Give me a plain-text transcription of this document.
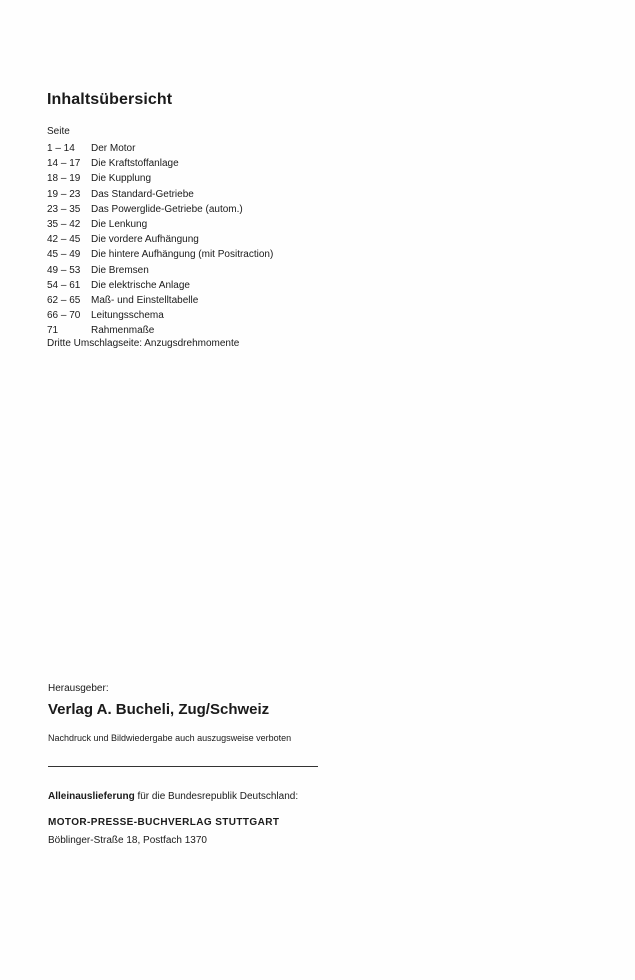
Inhaltsübersicht
Seite
1 – 14	Der Motor
14 – 17	Die Kraftstoffanlage
18 – 19	Die Kupplung
19 – 23	Das Standard-Getriebe
23 – 35	Das Powerglide-Getriebe (autom.)
35 – 42	Die Lenkung
42 – 45	Die vordere Aufhängung
45 – 49	Die hintere Aufhängung (mit Positraction)
49 – 53	Die Bremsen
54 – 61	Die elektrische Anlage
62 – 65	Maß- und Einstelltabelle
66 – 70	Leitungsschema
71	Rahmenmaße
Dritte Umschlagseite: Anzugsdrehmomente
Herausgeber:
Verlag A. Bucheli, Zug/Schweiz
Nachdruck und Bildwiedergabe auch auszugsweise verboten
Alleinauslieferung für die Bundesrepublik Deutschland:
MOTOR-PRESSE-BUCHVERLAG STUTTGART
Böblinger-Straße 18, Postfach 1370
